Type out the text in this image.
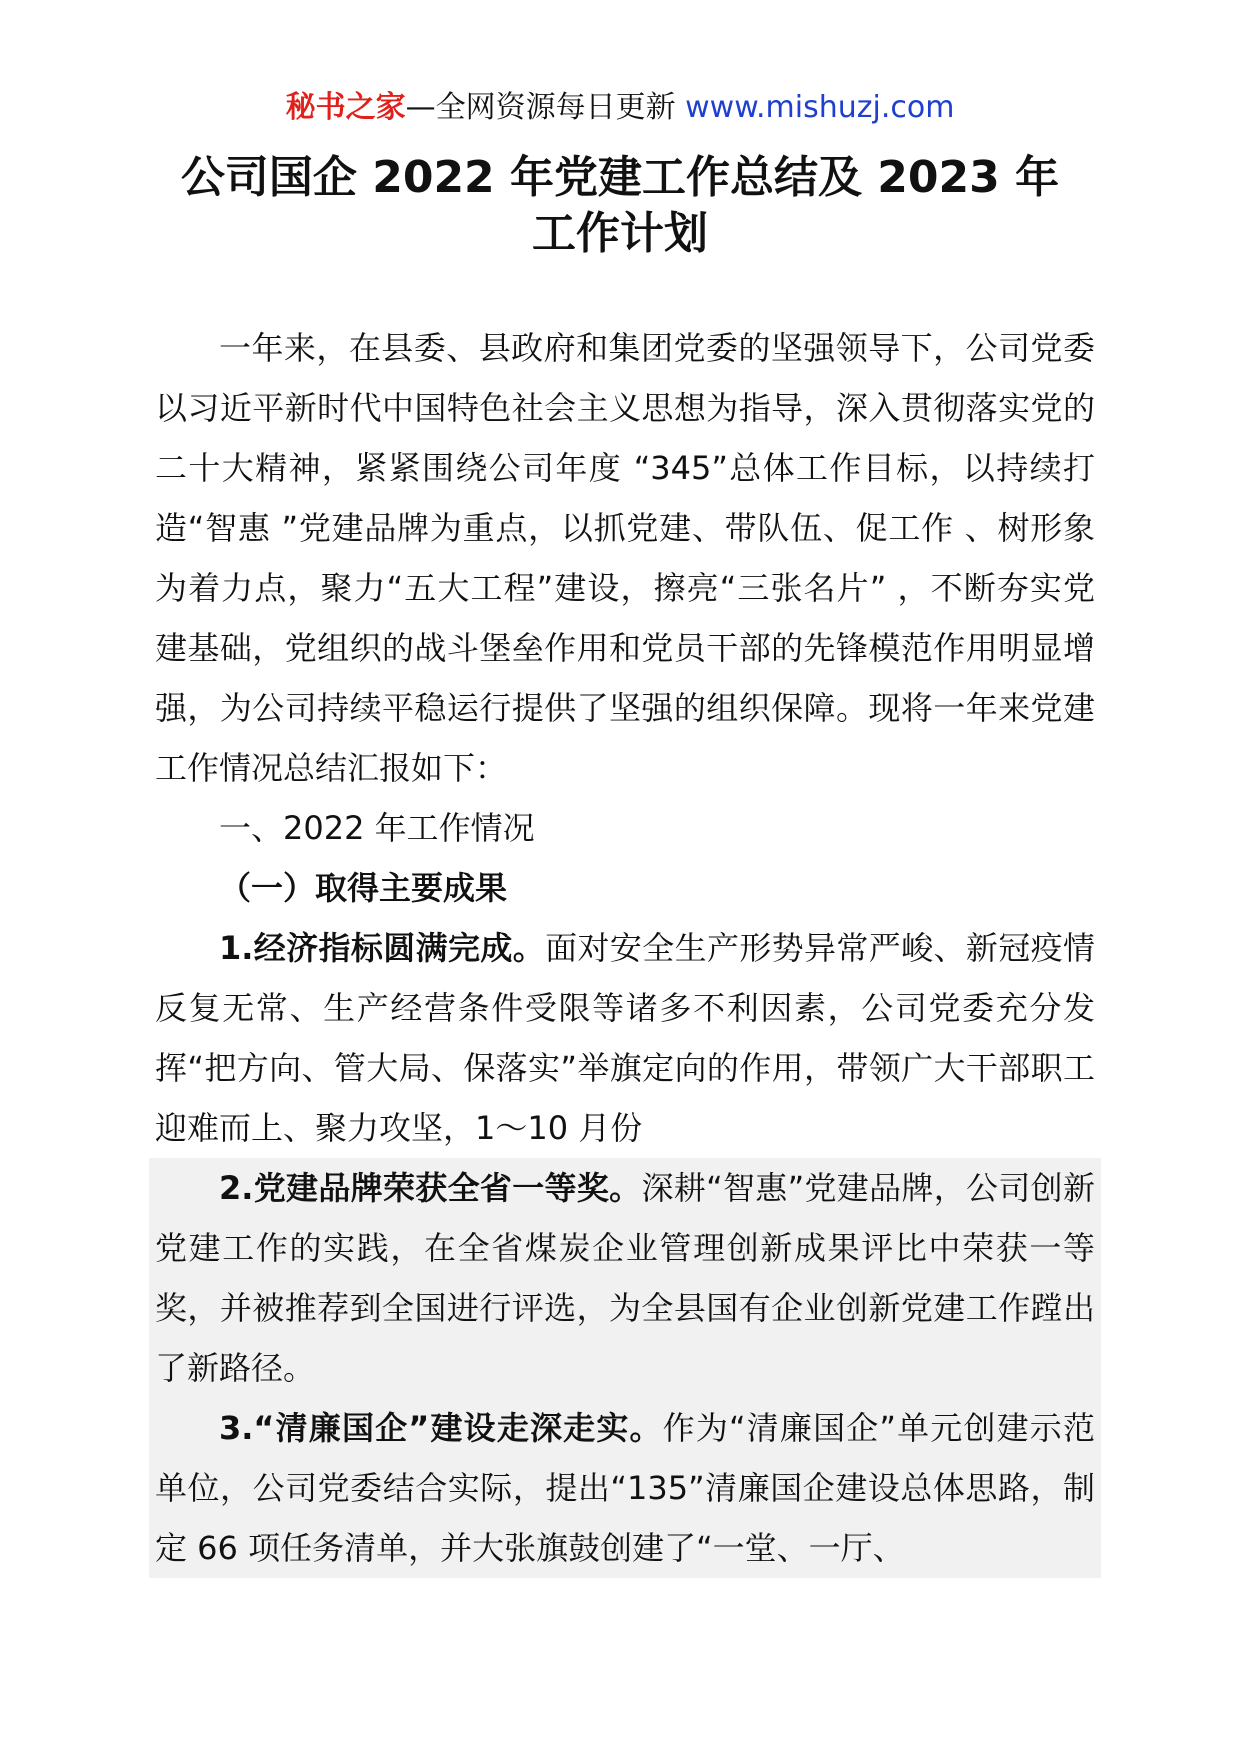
秘书之家—全网资源每日更新 www.mishuzj.com
公司国企 2022 年党建工作总结及 2023 年
工作计划

一年来，在县委、县政府和集团党委的坚强领导下，公司党委以习近平新时代中国特色社会主义思想为指导，深入贯彻落实党的二十大精神，紧紧围绕公司年度 “345”总体工作目标，以持续打造“智惠 ”党建品牌为重点，以抓党建、带队伍、促工作 、树形象为着力点，聚力“五大工程”建设，擦亮“三张名片” ，不断夯实党建基础，党组织的战斗堡垒作用和党员干部的先锋模范作用明显增强，为公司持续平稳运行提供了坚强的组织保障。现将一年来党建工作情况总结汇报如下：

一、2022 年工作情况

（一）取得主要成果

1.经济指标圆满完成。面对安全生产形势异常严峻、新冠疫情反复无常、生产经营条件受限等诸多不利因素，公司党委充分发挥“把方向、管大局、保落实”举旗定向的作用，带领广大干部职工迎难而上、聚力攻坚，1～10 月份

2.党建品牌荣获全省一等奖。深耕“智惠”党建品牌，公司创新党建工作的实践，在全省煤炭企业管理创新成果评比中荣获一等奖，并被推荐到全国进行评选，为全县国有企业创新党建工作蹚出了新路径。

3.“清廉国企”建设走深走实。作为“清廉国企”单元创建示范单位，公司党委结合实际，提出“135”清廉国企建设总体思路，制定 66 项任务清单，并大张旗鼓创建了“一堂、一厅、
